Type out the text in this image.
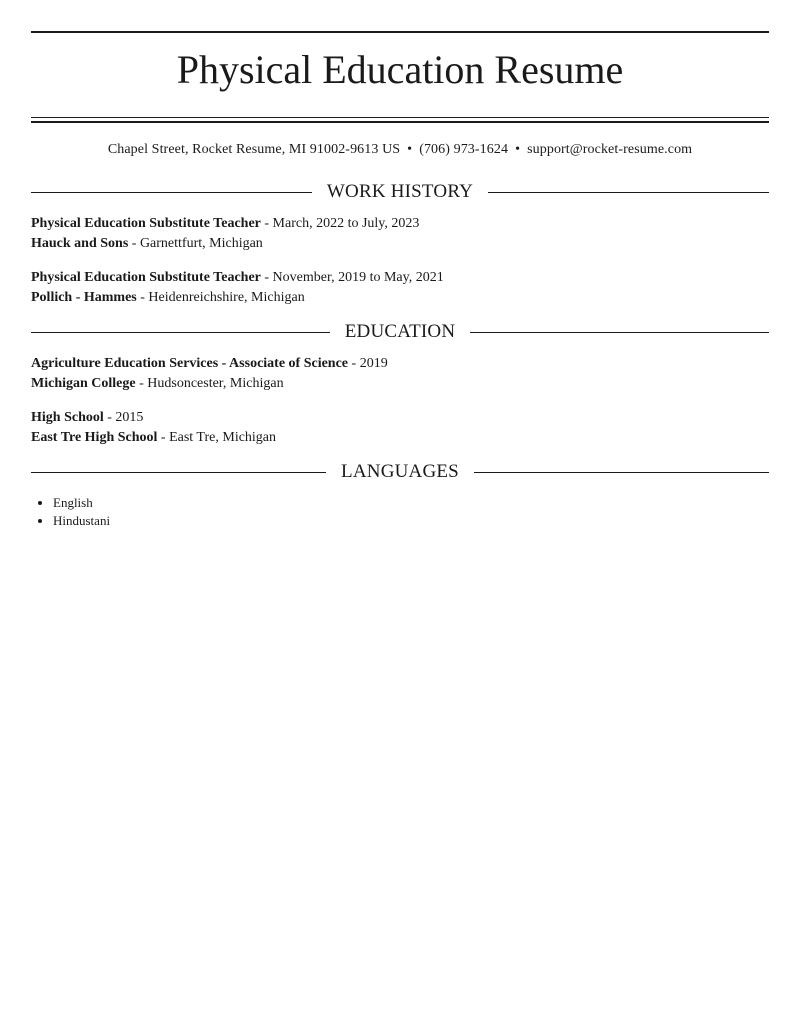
Physical Education Resume
Chapel Street, Rocket Resume, MI 91002-9613 US • (706) 973-1624 • support@rocket-resume.com
WORK HISTORY
Physical Education Substitute Teacher - March, 2022 to July, 2023
Hauck and Sons - Garnettfurt, Michigan
Physical Education Substitute Teacher - November, 2019 to May, 2021
Pollich - Hammes - Heidenreichshire, Michigan
EDUCATION
Agriculture Education Services - Associate of Science - 2019
Michigan College - Hudsoncester, Michigan
High School - 2015
East Tre High School - East Tre, Michigan
LANGUAGES
• English
• Hindustani
